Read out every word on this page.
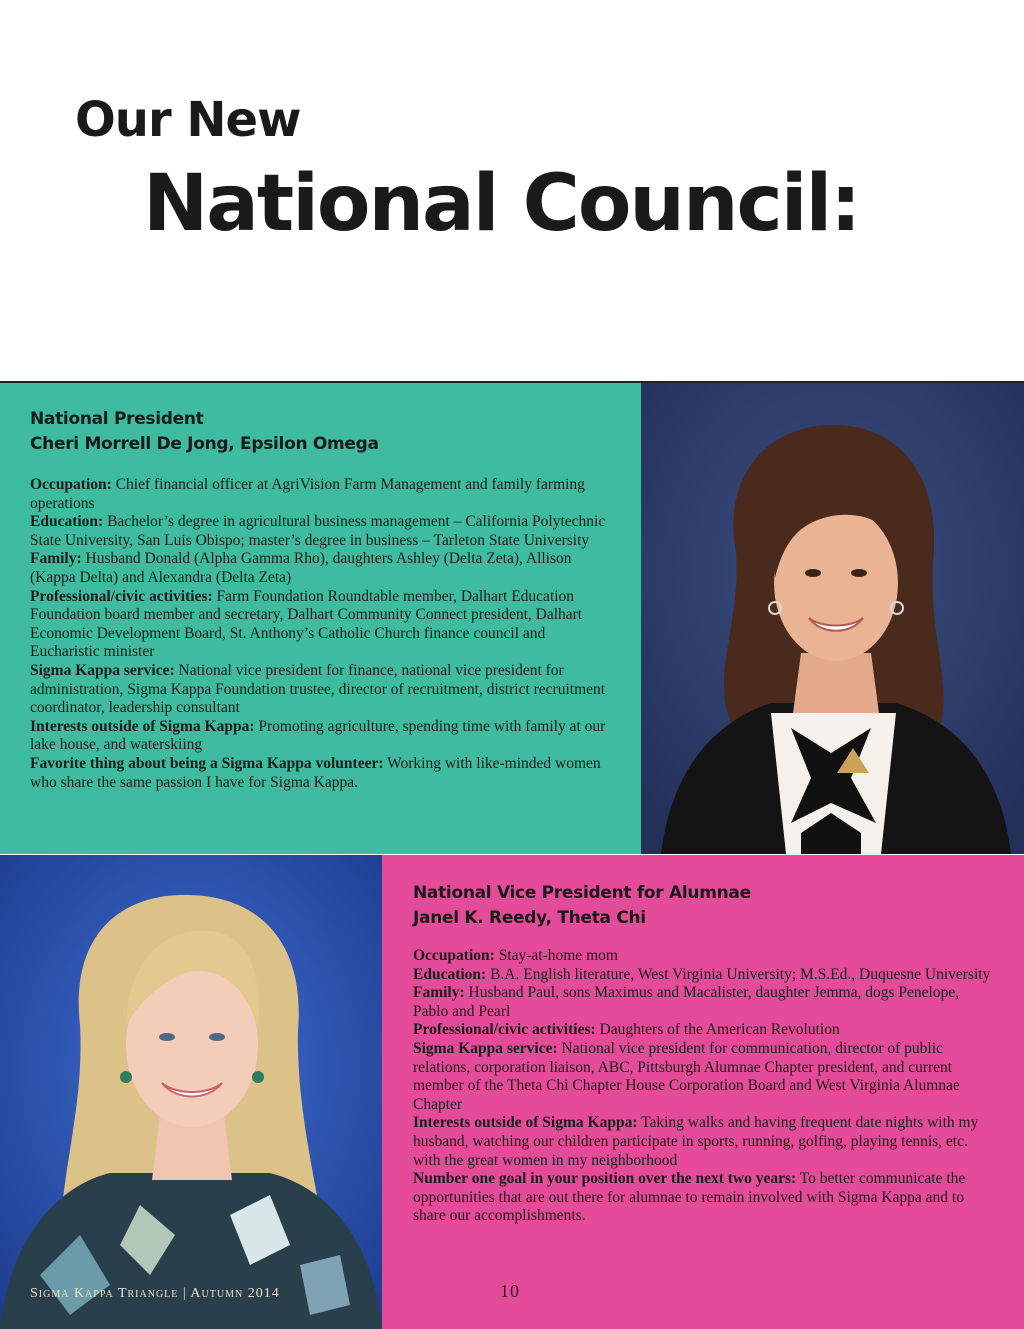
Our New
National Council:
National President
Cheri Morrell De Jong, Epsilon Omega

Occupation: Chief financial officer at AgriVision Farm Management and family farming operations

Education: Bachelor’s degree in agricultural business management – California Polytechnic State University, San Luis Obispo; master’s degree in business – Tarleton State University

Family: Husband Donald (Alpha Gamma Rho), daughters Ashley (Delta Zeta), Allison (Kappa Delta) and Alexandra (Delta Zeta)

Professional/civic activities: Farm Foundation Roundtable member, Dalhart Education Foundation board member and secretary, Dalhart Community Connect president, Dalhart Economic Development Board, St. Anthony’s Catholic Church finance council and Eucharistic minister

Sigma Kappa service: National vice president for finance, national vice president for administration, Sigma Kappa Foundation trustee, director of recruitment, district recruitment coordinator, leadership consultant

Interests outside of Sigma Kappa: Promoting agriculture, spending time with family at our lake house, and waterskiing

Favorite thing about being a Sigma Kappa volunteer: Working with like-minded women who share the same passion I have for Sigma Kappa.

National Vice President for Alumnae
Janel K. Reedy, Theta Chi

Occupation: Stay-at-home mom

Education: B.A. English literature, West Virginia University; M.S.Ed., Duquesne University

Family: Husband Paul, sons Maximus and Macalister, daughter Jemma, dogs Penelope, Pablo and Pearl

Professional/civic activities: Daughters of the American Revolution

Sigma Kappa service: National vice president for communication, director of public relations, corporation liaison, ABC, Pittsburgh Alumnae Chapter president, and current member of the Theta Chi Chapter House Corporation Board and West Virginia Alumnae Chapter

Interests outside of Sigma Kappa: Taking walks and having frequent date nights with my husband, watching our children participate in sports, running, golfing, playing tennis, etc. with the great women in my neighborhood

Number one goal in your position over the next two years: To better communicate the opportunities that are out there for alumnae to remain involved with Sigma Kappa and to share our accomplishments.

Sigma Kappa Triangle | Autumn 2014	10
